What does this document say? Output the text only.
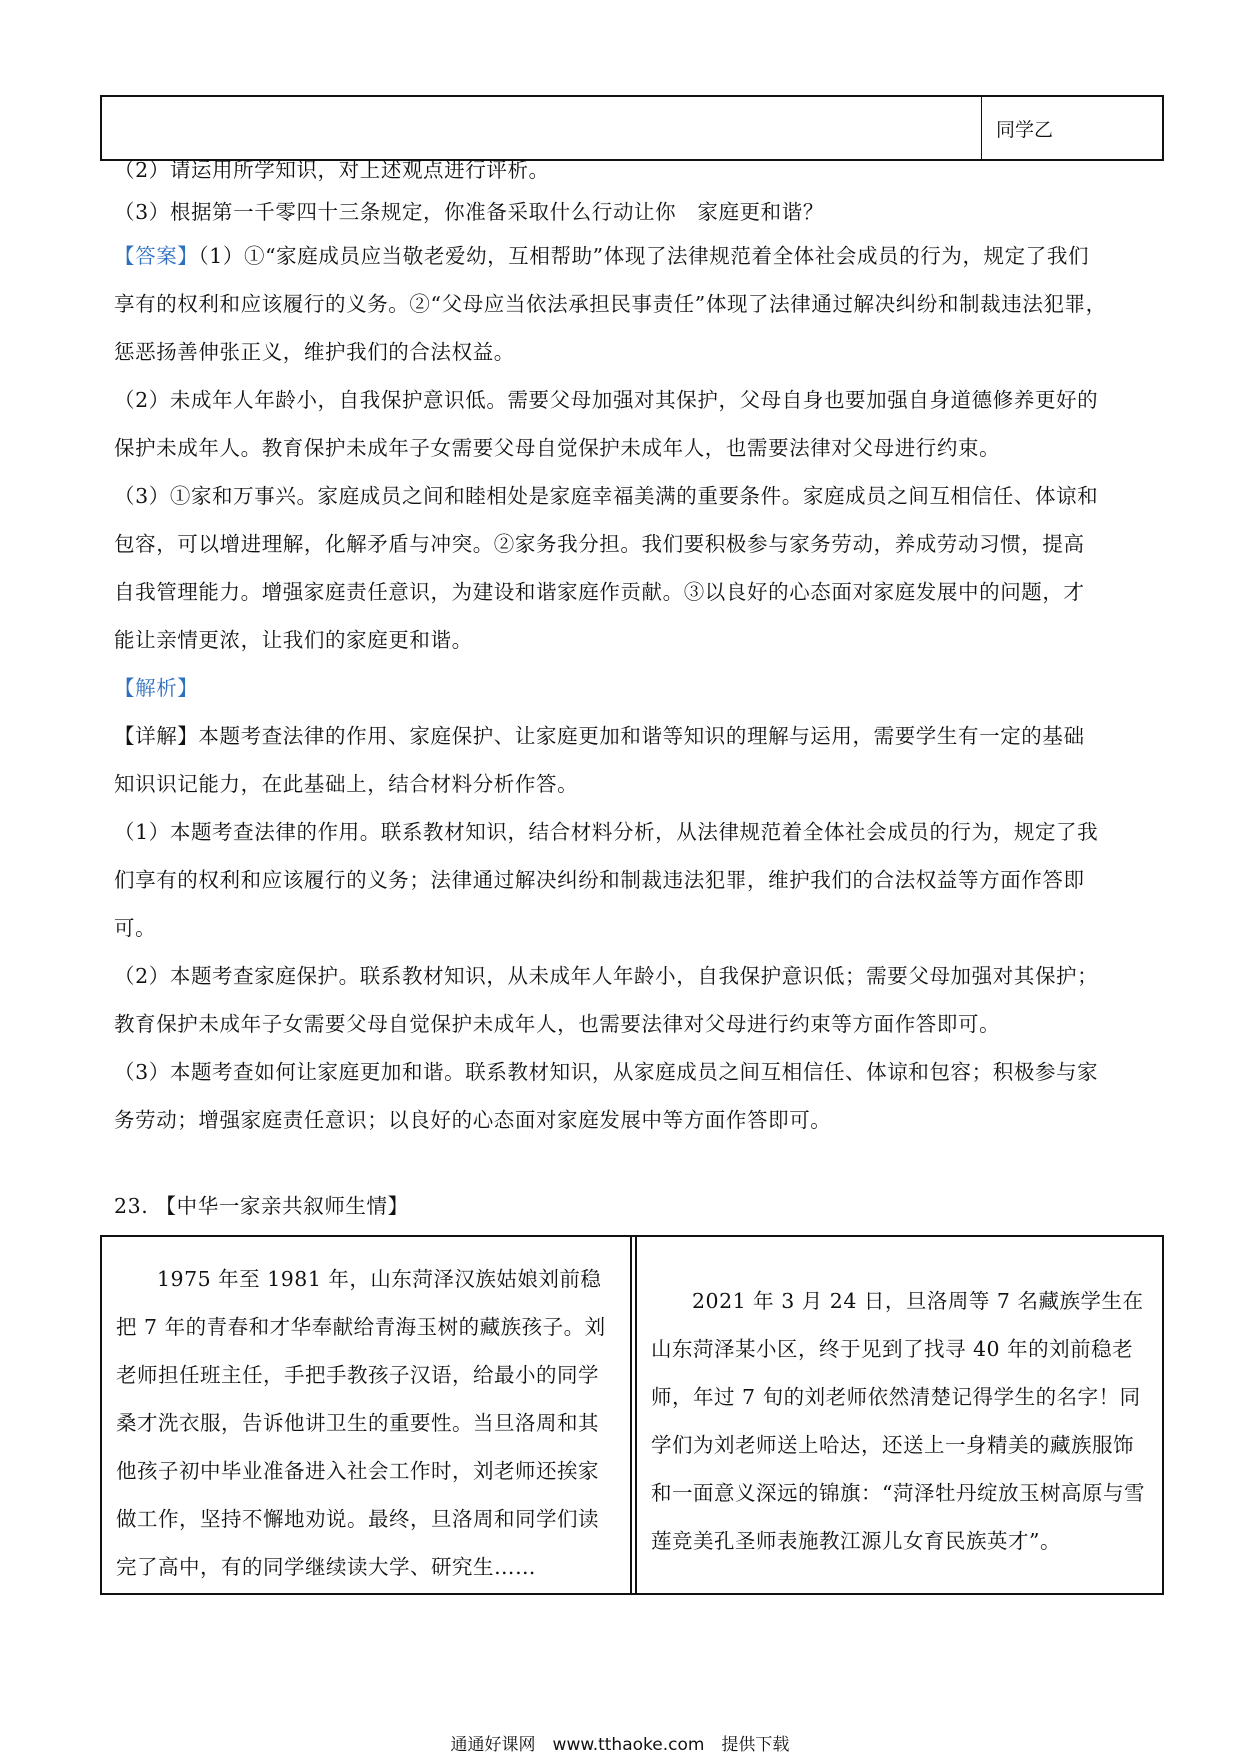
同学乙
（2）请运用所学知识，对上述观点进行评析。
（3）根据第一千零四十三条规定，你准备采取什么行动让你　家庭更和谐？
【答案】（1）①“家庭成员应当敬老爱幼，互相帮助”体现了法律规范着全体社会成员的行为，规定了我们
享有的权利和应该履行的义务。②“父母应当依法承担民事责任”体现了法律通过解决纠纷和制裁违法犯罪，
惩恶扬善伸张正义，维护我们的合法权益。
（2）未成年人年龄小，自我保护意识低。需要父母加强对其保护，父母自身也要加强自身道德修养更好的
保护未成年人。教育保护未成年子女需要父母自觉保护未成年人，也需要法律对父母进行约束。
（3）①家和万事兴。家庭成员之间和睦相处是家庭幸福美满的重要条件。家庭成员之间互相信任、体谅和
包容，可以增进理解，化解矛盾与冲突。②家务我分担。我们要积极参与家务劳动，养成劳动习惯，提高
自我管理能力。增强家庭责任意识，为建设和谐家庭作贡献。③以良好的心态面对家庭发展中的问题，才
能让亲情更浓，让我们的家庭更和谐。
【解析】
【详解】本题考查法律的作用、家庭保护、让家庭更加和谐等知识的理解与运用，需要学生有一定的基础
知识识记能力，在此基础上，结合材料分析作答。
（1）本题考查法律的作用。联系教材知识，结合材料分析，从法律规范着全体社会成员的行为，规定了我
们享有的权利和应该履行的义务；法律通过解决纠纷和制裁违法犯罪，维护我们的合法权益等方面作答即
可。
（2）本题考查家庭保护。联系教材知识，从未成年人年龄小，自我保护意识低；需要父母加强对其保护；
教育保护未成年子女需要父母自觉保护未成年人，也需要法律对父母进行约束等方面作答即可。
（3）本题考查如何让家庭更加和谐。联系教材知识，从家庭成员之间互相信任、体谅和包容；积极参与家
务劳动；增强家庭责任意识；以良好的心态面对家庭发展中等方面作答即可。
23. 【中华一家亲共叙师生情】
1975 年至 1981 年，山东菏泽汉族姑娘刘前稳把 7 年的青春和才华奉献给青海玉树的藏族孩子。刘老师担任班主任，手把手教孩子汉语，给最小的同学桑才洗衣服，告诉他讲卫生的重要性。当旦洛周和其他孩子初中毕业准备进入社会工作时，刘老师还挨家做工作，坚持不懈地劝说。最终，旦洛周和同学们读完了高中，有的同学继续读大学、研究生……
2021 年 3 月 24 日，旦洛周等 7 名藏族学生在山东菏泽某小区，终于见到了找寻 40 年的刘前稳老师，年过 7 旬的刘老师依然清楚记得学生的名字！同学们为刘老师送上哈达，还送上一身精美的藏族服饰和一面意义深远的锦旗：“菏泽牡丹绽放玉树高原与雪莲竞美孔圣师表施教江源儿女育民族英才”。
通通好课网　www.tthaoke.com　提供下载
